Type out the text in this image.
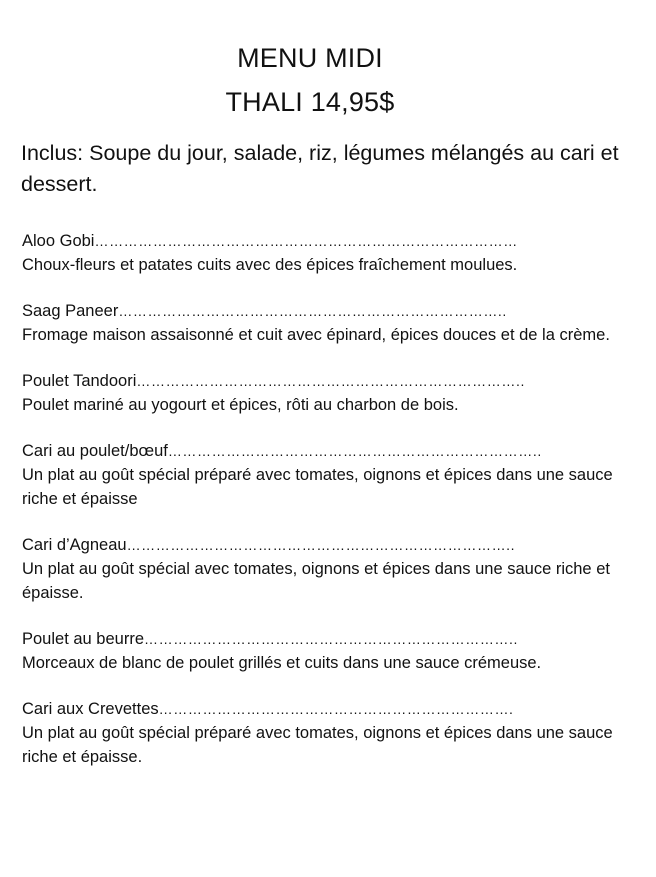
MENU MIDI
THALI 14,95$
Inclus: Soupe du jour, salade, riz, légumes mélangés au cari et dessert.
Aloo Gobi ……………………………………………………………………………
Choux-fleurs et patates cuits avec des épices fraîchement moulues.
Saag Paneer ……………………………………………………………………..
Fromage maison assaisonné et cuit avec épinard, épices douces et de la crème.
Poulet Tandoori ……………………………………………………………………..
Poulet mariné au yogourt et épices, rôti au charbon de bois.
Cari au poulet/bœuf …………………………………………………………………..
Un plat au goût spécial préparé avec tomates, oignons et épices dans une sauce riche et épaisse
Cari d’Agneau ……………………………………………………………………..
Un plat au goût spécial avec tomates, oignons et épices dans une sauce riche et épaisse.
Poulet au beurre …………………………………………………………………..
Morceaux de blanc de poulet grillés et cuits dans une sauce crémeuse.
Cari aux Crevettes ……………………………………………………………….
Un plat au goût spécial préparé avec tomates, oignons et épices dans une sauce riche et épaisse.
